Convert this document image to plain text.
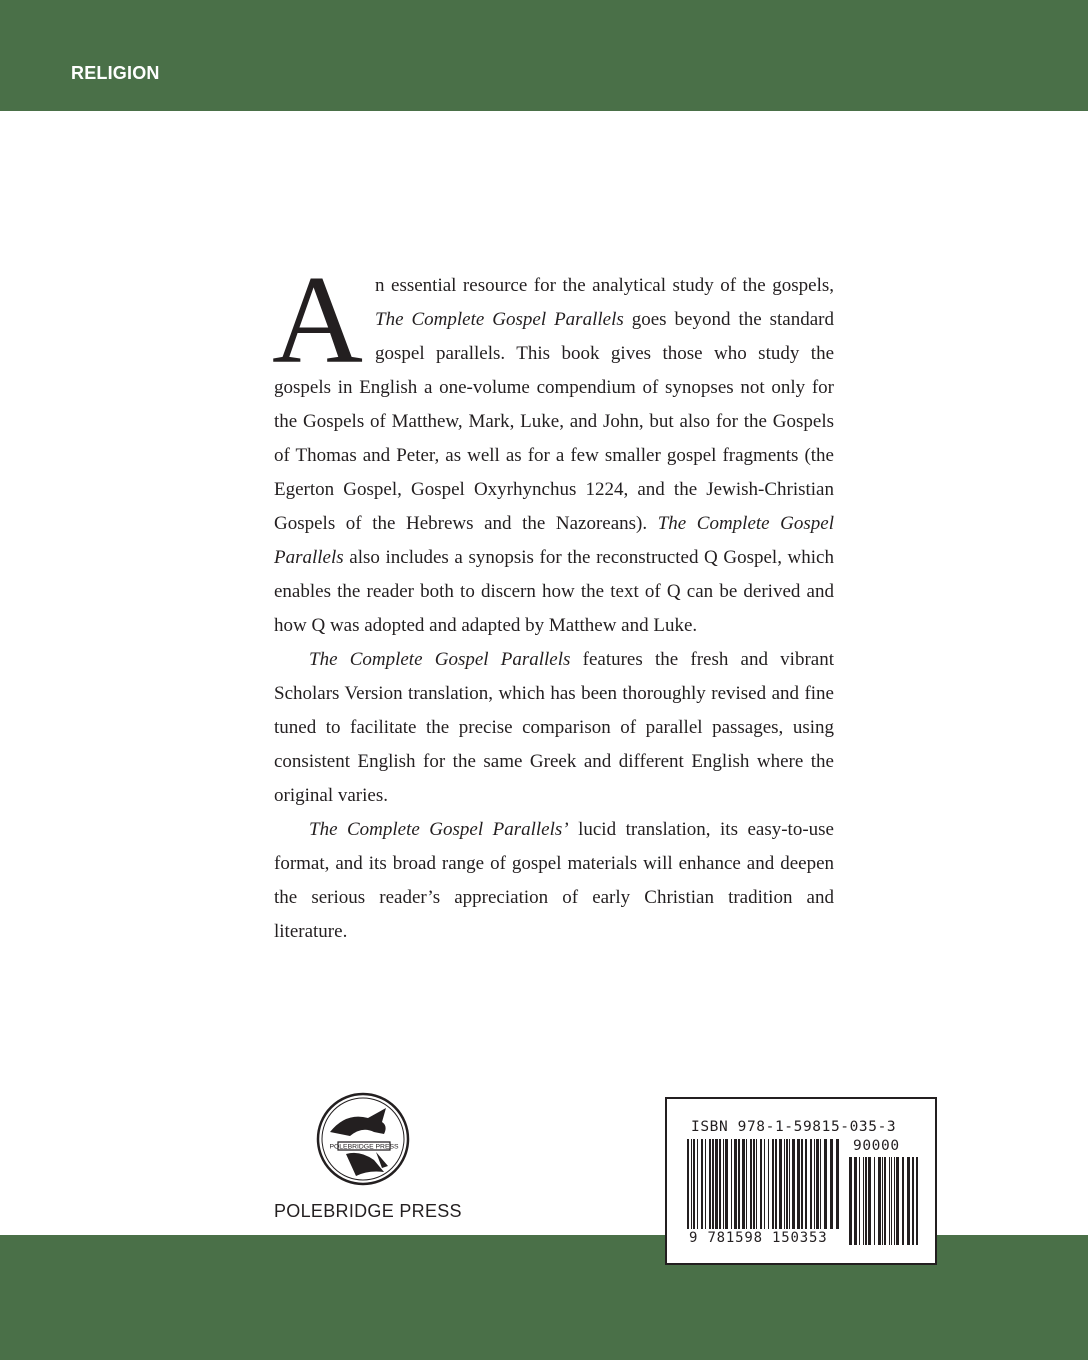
RELIGION

An essential resource for the analytical study of the gospels, The Complete Gospel Parallels goes beyond the standard gospel parallels. This book gives those who study the gospels in English a one-volume compendium of synopses not only for the Gospels of Matthew, Mark, Luke, and John, but also for the Gospels of Thomas and Peter, as well as for a few smaller gospel fragments (the Egerton Gospel, Gospel Oxyrhynchus 1224, and the Jewish-Christian Gospels of the Hebrews and the Nazoreans). The Complete Gospel Parallels also includes a synopsis for the reconstructed Q Gospel, which enables the reader both to discern how the text of Q can be derived and how Q was adopted and adapted by Matthew and Luke.

The Complete Gospel Parallels features the fresh and vibrant Scholars Version translation, which has been thoroughly revised and fine tuned to facilitate the precise comparison of parallel passages, using consistent English for the same Greek and different English where the original varies.

The Complete Gospel Parallels’ lucid translation, its easy-to-use format, and its broad range of gospel materials will enhance and deepen the serious reader’s appreciation of early Christian tradition and literature.

POLEBRIDGE PRESS
POLEBRIDGE PRESS
ISBN 978-1-59815-035-3
90000
9 781598 150353
